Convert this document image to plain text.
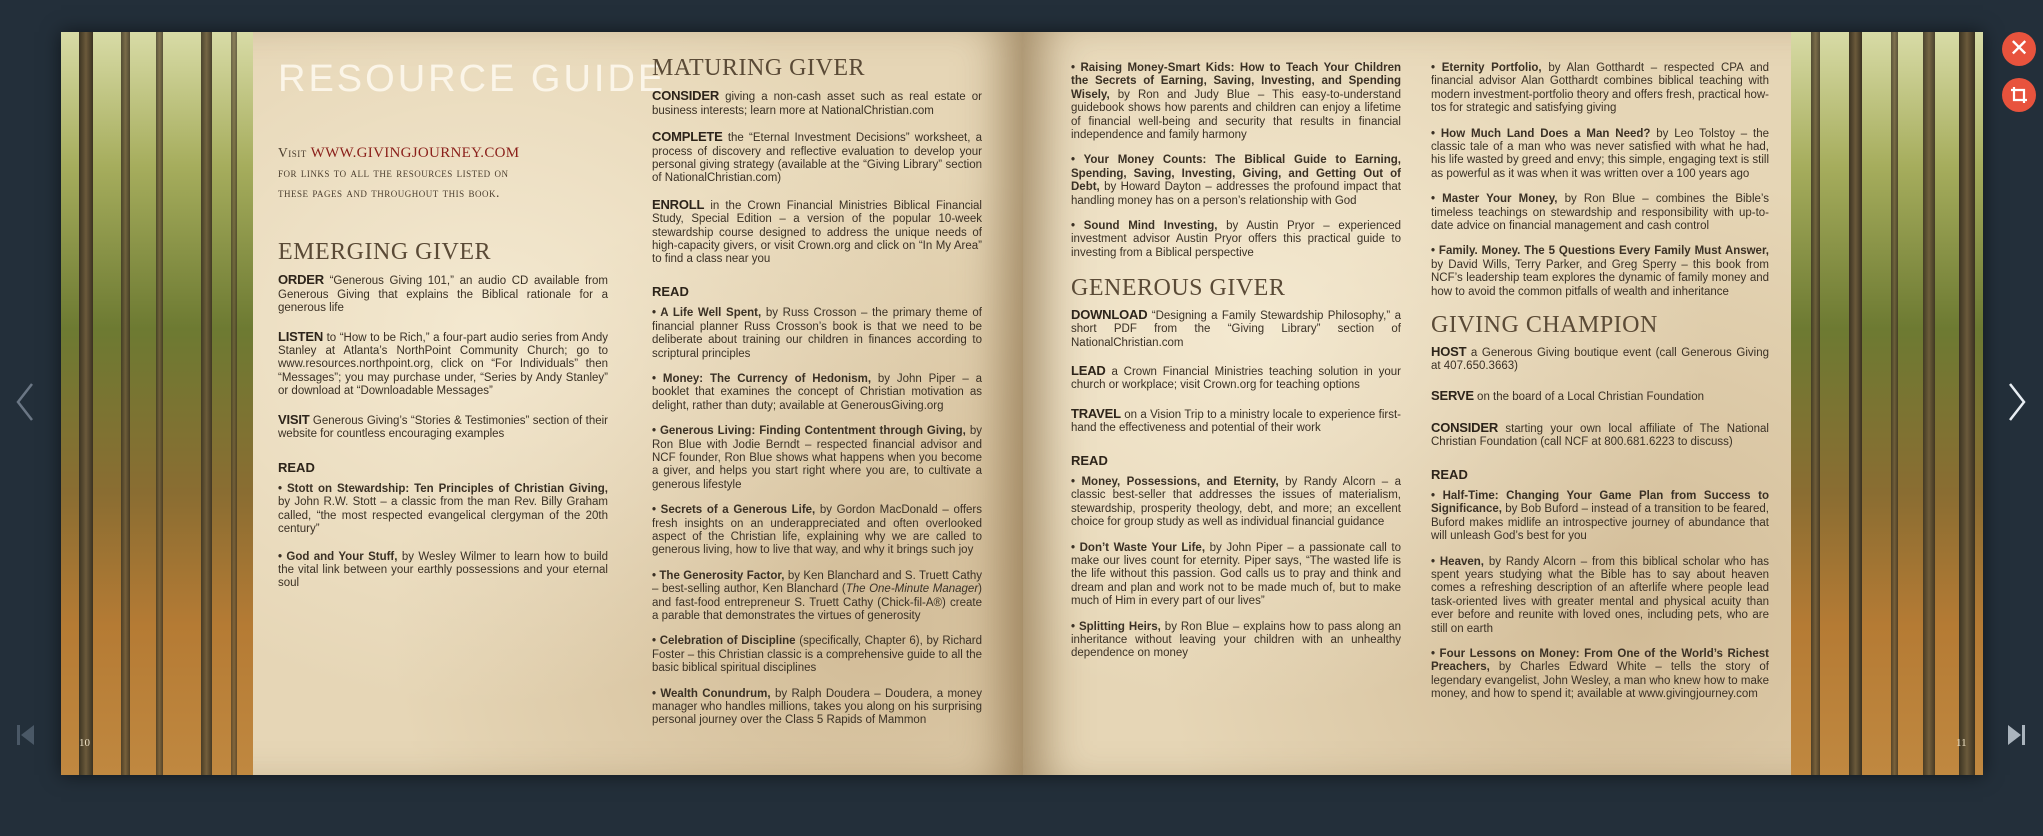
✕
10	11
RESOURCE GUIDE
Visit WWW.GIVINGJOURNEY.COM
for links to all the resources listed on
these pages and throughout this book.
EMERGING GIVER

ORDER “Generous Giving 101,” an audio CD available from Generous Giving that explains the Biblical rationale for a generous life

LISTEN to “How to be Rich,” a four-part audio series from Andy Stanley at Atlanta’s NorthPoint Community Church; go to www.resources.northpoint.org, click on “For Individuals” then “Messages”; you may purchase under, “Series by Andy Stanley” or download at “Downloadable Messages”

VISIT Generous Giving’s “Stories & Testimonies” section of their website for countless encouraging examples

READ

• Stott on Stewardship: Ten Principles of Christian Giving, by John R.W. Stott – a classic from the man Rev. Billy Graham called, “the most respected evangelical clergyman of the 20th century”

• God and Your Stuff, by Wesley Wilmer to learn how to build the vital link between your earthly possessions and your eternal soul

MATURING GIVER

CONSIDER giving a non-cash asset such as real estate or business interests; learn more at NationalChristian.com

COMPLETE the “Eternal Investment Decisions” worksheet, a process of discovery and reflective evaluation to develop your personal giving strategy (available at the “Giving Library” section of NationalChristian.com)

ENROLL in the Crown Financial Ministries Biblical Financial Study, Special Edition – a version of the popular 10-week stewardship course designed to address the unique needs of high-capacity givers, or visit Crown.org and click on “In My Area” to find a class near you

READ

• A Life Well Spent, by Russ Crosson – the primary theme of financial planner Russ Crosson’s book is that we need to be deliberate about training our children in finances according to scriptural principles

• Money: The Currency of Hedonism, by John Piper – a booklet that examines the concept of Christian motivation as delight, rather than duty; available at GenerousGiving.org

• Generous Living: Finding Contentment through Giving, by Ron Blue with Jodie Berndt – respected financial advisor and NCF founder, Ron Blue shows what happens when you become a giver, and helps you start right where you are, to cultivate a generous lifestyle

• Secrets of a Generous Life, by Gordon MacDonald – offers fresh insights on an underappreciated and often overlooked aspect of the Christian life, explaining why we are called to generous living, how to live that way, and why it brings such joy

• The Generosity Factor, by Ken Blanchard and S. Truett Cathy – best-selling author, Ken Blanchard (The One-Minute Manager) and fast-food entrepreneur S. Truett Cathy (Chick-fil-A®) create a parable that demonstrates the virtues of generosity

• Celebration of Discipline (specifically, Chapter 6), by Richard Foster – this Christian classic is a comprehensive guide to all the basic biblical spiritual disciplines

• Wealth Conundrum, by Ralph Doudera – Doudera, a money manager who handles millions, takes you along on his surprising personal journey over the Class 5 Rapids of Mammon

• Raising Money-Smart Kids: How to Teach Your Children the Secrets of Earning, Saving, Investing, and Spending Wisely, by Ron and Judy Blue – This easy-to-understand guidebook shows how parents and children can enjoy a lifetime of financial well-being and security that results in financial independence and family harmony

• Your Money Counts: The Biblical Guide to Earning, Spending, Saving, Investing, Giving, and Getting Out of Debt, by Howard Dayton – addresses the profound impact that handling money has on a person’s relationship with God

• Sound Mind Investing, by Austin Pryor – experienced investment advisor Austin Pryor offers this practical guide to investing from a Biblical perspective

GENEROUS GIVER

DOWNLOAD “Designing a Family Stewardship Philosophy,” a short PDF from the “Giving Library” section of NationalChristian.com

LEAD a Crown Financial Ministries teaching solution in your church or workplace; visit Crown.org for teaching options

TRAVEL on a Vision Trip to a ministry locale to experience first-hand the effectiveness and potential of their work

READ

• Money, Possessions, and Eternity, by Randy Alcorn – a classic best-seller that addresses the issues of materialism, stewardship, prosperity theology, debt, and more; an excellent choice for group study as well as individual financial guidance

• Don’t Waste Your Life, by John Piper – a passionate call to make our lives count for eternity. Piper says, “The wasted life is the life without this passion. God calls us to pray and think and dream and plan and work not to be made much of, but to make much of Him in every part of our lives”

• Splitting Heirs, by Ron Blue – explains how to pass along an inheritance without leaving your children with an unhealthy dependence on money

• Eternity Portfolio, by Alan Gotthardt – respected CPA and financial advisor Alan Gotthardt combines biblical teaching with modern investment-portfolio theory and offers fresh, practical how-tos for strategic and satisfying giving

• How Much Land Does a Man Need? by Leo Tolstoy – the classic tale of a man who was never satisfied with what he had, his life wasted by greed and envy; this simple, engaging text is still as powerful as it was when it was written over a 100 years ago

• Master Your Money, by Ron Blue – combines the Bible’s timeless teachings on stewardship and responsibility with up-to-date advice on financial management and cash control

• Family. Money. The 5 Questions Every Family Must Answer, by David Wills, Terry Parker, and Greg Sperry – this book from NCF’s leadership team explores the dynamic of family money and how to avoid the common pitfalls of wealth and inheritance

GIVING CHAMPION

HOST a Generous Giving boutique event (call Generous Giving at 407.650.3663)

SERVE on the board of a Local Christian Foundation

CONSIDER starting your own local affiliate of The National Christian Foundation (call NCF at 800.681.6223 to discuss)

READ

• Half-Time: Changing Your Game Plan from Success to Significance, by Bob Buford – instead of a transition to be feared, Buford makes midlife an introspective journey of abundance that will unleash God’s best for you

• Heaven, by Randy Alcorn – from this biblical scholar who has spent years studying what the Bible has to say about heaven comes a refreshing description of an afterlife where people lead task-oriented lives with greater mental and physical acuity than ever before and reunite with loved ones, including pets, who are still on earth

• Four Lessons on Money: From One of the World’s Richest Preachers, by Charles Edward White – tells the story of legendary evangelist, John Wesley, a man who knew how to make money, and how to spend it; available at www.givingjourney.com
